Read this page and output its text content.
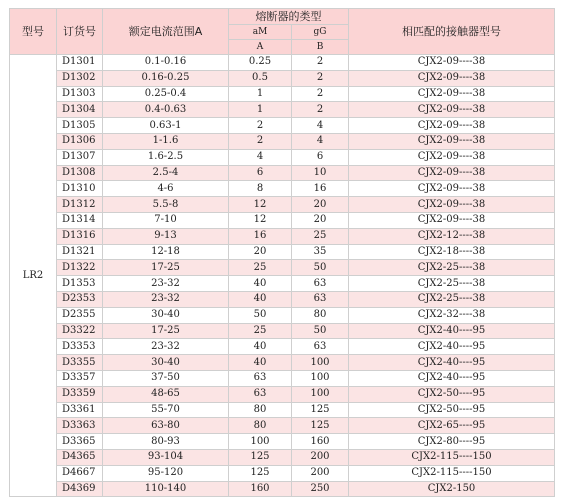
型号	订货号	额定电流范围A	熔断器的类型		相匹配的接触器型号
			aM	gG	
			A	B	
LR2	D1301	0.1-0.16	0.25	2	CJX2-09----38
	D1302	0.16-0.25	0.5	2	CJX2-09----38
	D1303	0.25-0.4	1	2	CJX2-09----38
	D1304	0.4-0.63	1	2	CJX2-09----38
	D1305	0.63-1	2	4	CJX2-09----38
	D1306	1-1.6	2	4	CJX2-09----38
	D1307	1.6-2.5	4	6	CJX2-09----38
	D1308	2.5-4	6	10	CJX2-09----38
	D1310	4-6	8	16	CJX2-09----38
	D1312	5.5-8	12	20	CJX2-09----38
	D1314	7-10	12	20	CJX2-09----38
	D1316	9-13	16	25	CJX2-12----38
	D1321	12-18	20	35	CJX2-18----38
	D1322	17-25	25	50	CJX2-25----38
	D1353	23-32	40	63	CJX2-25----38
	D2353	23-32	40	63	CJX2-25----38
	D2355	30-40	50	80	CJX2-32----38
	D3322	17-25	25	50	CJX2-40----95
	D3353	23-32	40	63	CJX2-40----95
	D3355	30-40	40	100	CJX2-40----95
	D3357	37-50	63	100	CJX2-40----95
	D3359	48-65	63	100	CJX2-50----95
	D3361	55-70	80	125	CJX2-50----95
	D3363	63-80	80	125	CJX2-65----95
	D3365	80-93	100	160	CJX2-80----95
	D4365	93-104	125	200	CJX2-115----150
	D4667	95-120	125	200	CJX2-115----150
	D4369	110-140	160	250	CJX2-150
